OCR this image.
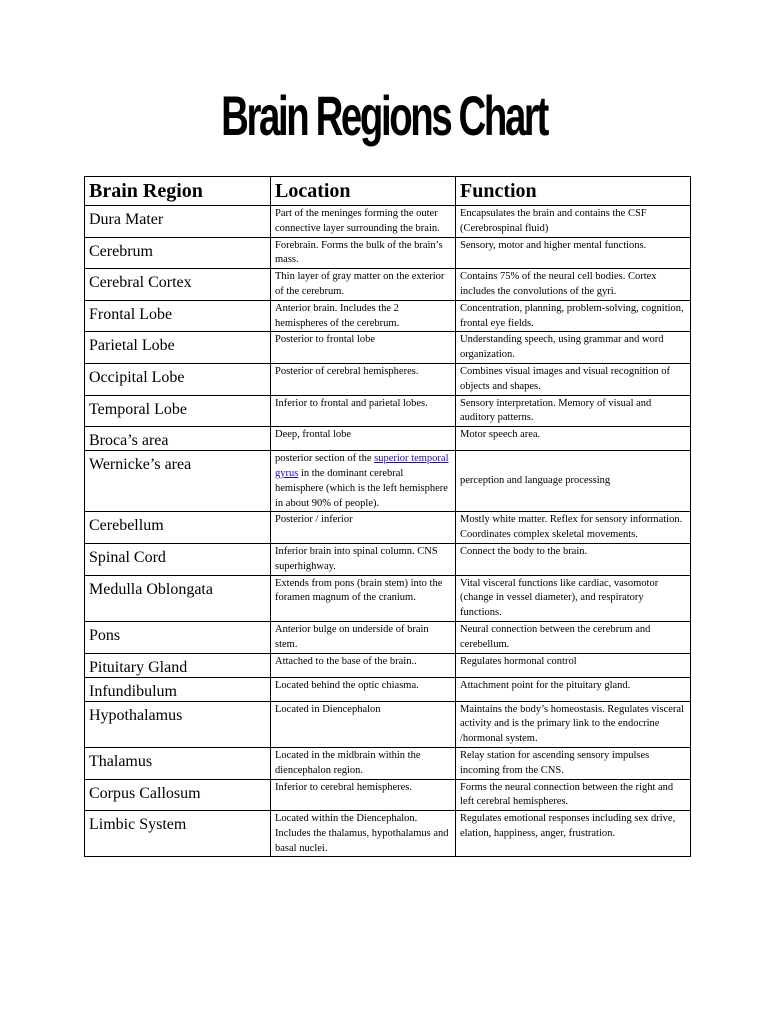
Brain Regions Chart
Brain Region	Location	Function
Dura Mater	Part of the meninges forming the outer connective layer surrounding the brain.	Encapsulates the brain and contains the CSF (Cerebrospinal fluid)
Cerebrum	Forebrain. Forms the bulk of the brain’s mass.	Sensory, motor and higher mental functions.
Cerebral Cortex	Thin layer of gray matter on the exterior of the cerebrum.	Contains 75% of the neural cell bodies. Cortex includes the convolutions of the gyri.
Frontal Lobe	Anterior brain. Includes the 2 hemispheres of the cerebrum.	Concentration, planning, problem-solving, cognition, frontal eye fields.
Parietal Lobe	Posterior to frontal lobe	Understanding speech, using grammar and word organization.
Occipital Lobe	Posterior of cerebral hemispheres.	Combines visual images and visual recognition of objects and shapes.
Temporal Lobe	Inferior to frontal and parietal lobes.	Sensory interpretation. Memory of visual and auditory patterns.
Broca’s area	Deep, frontal lobe	Motor speech area.
Wernicke’s area	posterior section of the superior temporal gyrus in the dominant cerebral hemisphere (which is the left hemisphere in about 90% of people).	perception and language processing
Cerebellum	Posterior / inferior	Mostly white matter. Reflex for sensory information. Coordinates complex skeletal movements.
Spinal Cord	Inferior brain into spinal column. CNS superhighway.	Connect the body to the brain.
Medulla Oblongata	Extends from pons (brain stem) into the foramen magnum of the cranium.	Vital visceral functions like cardiac, vasomotor (change in vessel diameter), and respiratory functions.
Pons	Anterior bulge on underside of brain stem.	Neural connection between the cerebrum and cerebellum.
Pituitary Gland	Attached to the base of the brain..	Regulates hormonal control
Infundibulum	Located behind the optic chiasma.	Attachment point for the pituitary gland.
Hypothalamus	Located in Diencephalon	Maintains the body’s homeostasis. Regulates visceral activity and is the primary link to the endocrine /hormonal system.
Thalamus	Located in the midbrain within the diencephalon region.	Relay station for ascending sensory impulses incoming from the CNS.
Corpus Callosum	Inferior to cerebral hemispheres.	Forms the neural connection between the right and left cerebral hemispheres.
Limbic System	Located within the Diencephalon. Includes the thalamus, hypothalamus and basal nuclei.	Regulates emotional responses including sex drive, elation, happiness, anger, frustration.
